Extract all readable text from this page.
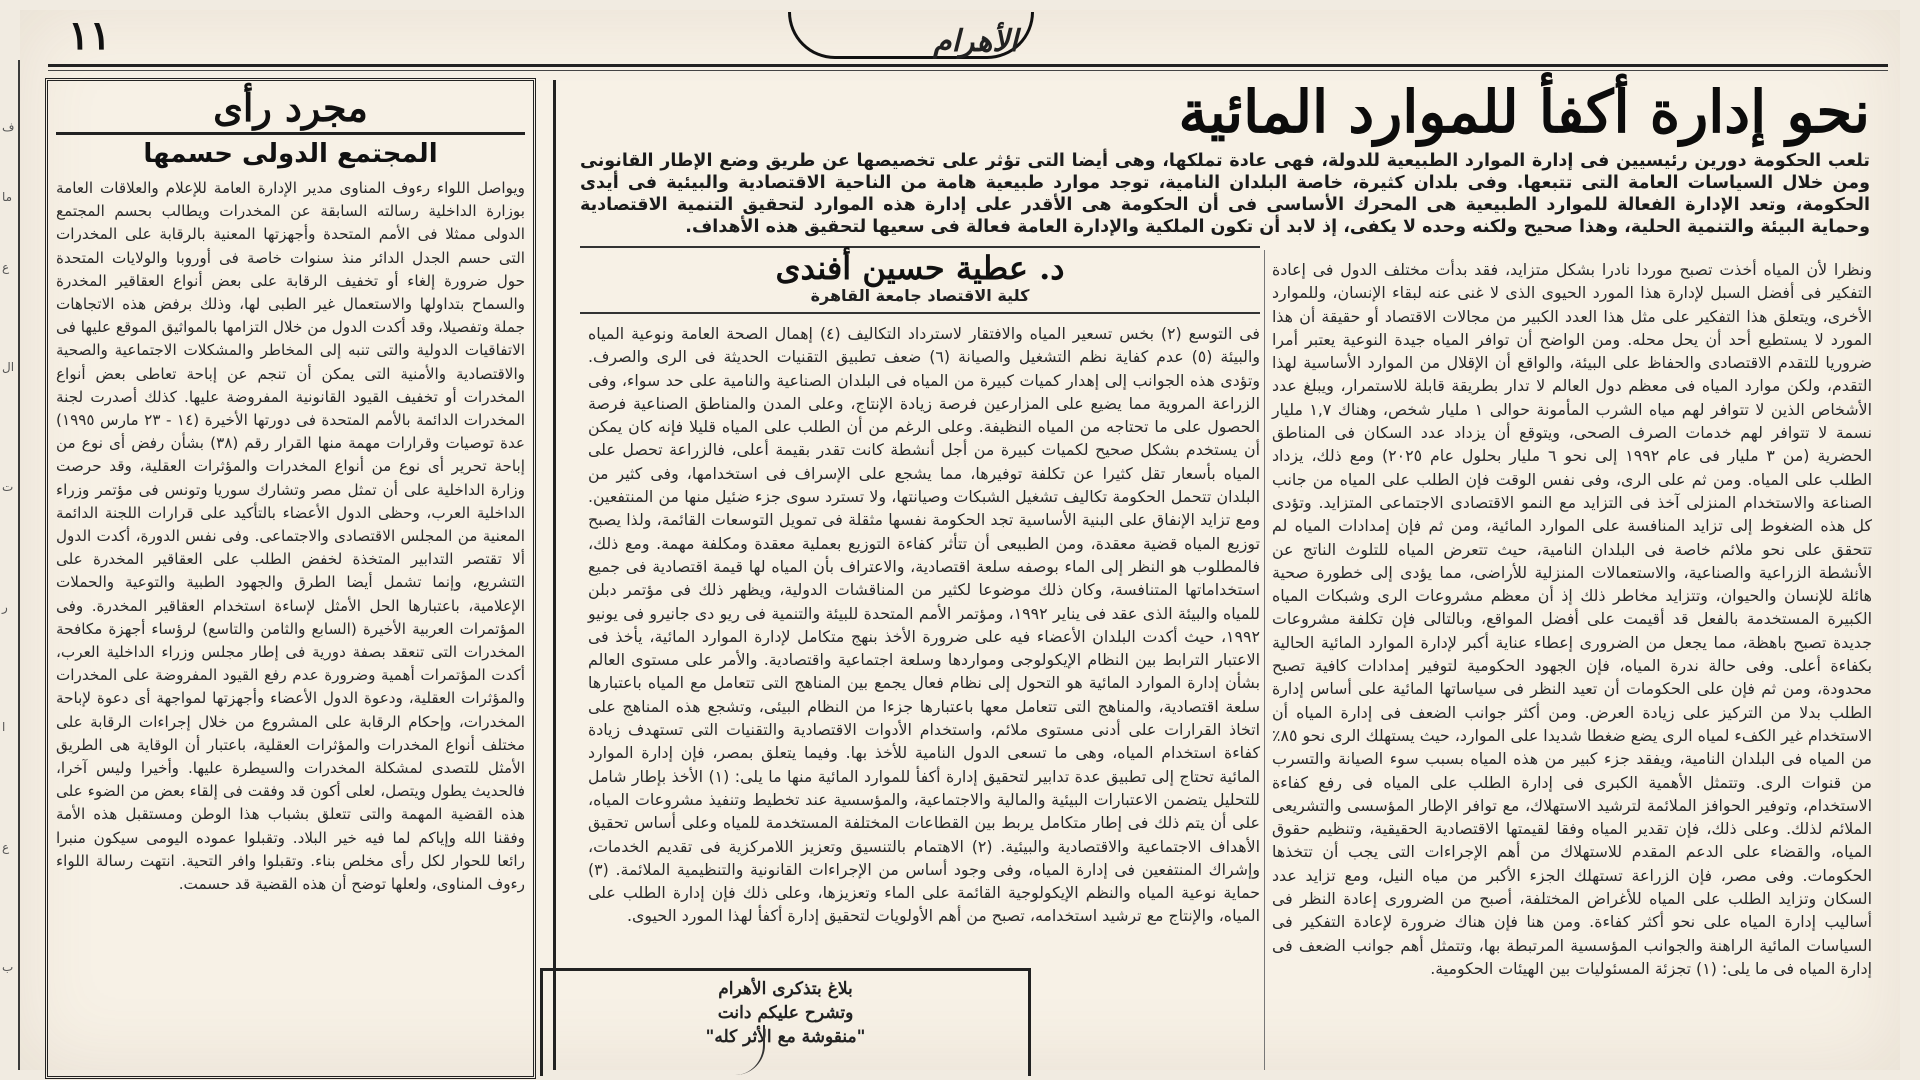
ف
ما
ع
ال
ت
ر
ا
ع
ب
١١	الأهرام
مجرد رأى
المجتمع الدولى حسمها
ويواصل اللواء رءوف المناوى مدير الإدارة العامة للإعلام والعلاقات العامة بوزارة الداخلية رسالته السابقة عن المخدرات ويطالب بحسم المجتمع الدولى ممثلا فى الأمم المتحدة وأجهزتها المعنية بالرقابة على المخدرات التى حسم الجدل الدائر منذ سنوات خاصة فى أوروبا والولايات المتحدة حول ضرورة إلغاء أو تخفيف الرقابة على بعض أنواع العقاقير المخدرة والسماح بتداولها والاستعمال غير الطبى لها، وذلك برفض هذه الاتجاهات جملة وتفصيلا، وقد أكدت الدول من خلال التزامها بالمواثيق الموقع عليها فى الاتفاقيات الدولية والتى تنبه إلى المخاطر والمشكلات الاجتماعية والصحية والاقتصادية والأمنية التى يمكن أن تنجم عن إباحة تعاطى بعض أنواع المخدرات أو تخفيف القيود القانونية المفروضة عليها. كذلك أصدرت لجنة المخدرات الدائمة بالأمم المتحدة فى دورتها الأخيرة (١٤ - ٢٣ مارس ١٩٩٥) عدة توصيات وقرارات مهمة منها القرار رقم (٣٨) بشأن رفض أى نوع من إباحة تحرير أى نوع من أنواع المخدرات والمؤثرات العقلية، وقد حرصت وزارة الداخلية على أن تمثل مصر وتشارك سوريا وتونس فى مؤتمر وزراء الداخلية العرب، وحظى الدول الأعضاء بالتأكيد على قرارات اللجنة الدائمة المعنية من المجلس الاقتصادى والاجتماعى. وفى نفس الدورة، أكدت الدول ألا تقتصر التدابير المتخذة لخفض الطلب على العقاقير المخدرة على التشريع، وإنما تشمل أيضا الطرق والجهود الطبية والتوعية والحملات الإعلامية، باعتبارها الحل الأمثل لإساءة استخدام العقاقير المخدرة. وفى المؤتمرات العربية الأخيرة (السابع والثامن والتاسع) لرؤساء أجهزة مكافحة المخدرات التى تنعقد بصفة دورية فى إطار مجلس وزراء الداخلية العرب، أكدت المؤتمرات أهمية وضرورة عدم رفع القيود المفروضة على المخدرات والمؤثرات العقلية، ودعوة الدول الأعضاء وأجهزتها لمواجهة أى دعوة لإباحة المخدرات، وإحكام الرقابة على المشروع من خلال إجراءات الرقابة على مختلف أنواع المخدرات والمؤثرات العقلية، باعتبار أن الوقاية هى الطريق الأمثل للتصدى لمشكلة المخدرات والسيطرة عليها. وأخيرا وليس آخرا، فالحديث يطول ويتصل، لعلى أكون قد وفقت فى إلقاء بعض من الضوء على هذه القضية المهمة والتى تتعلق بشباب هذا الوطن ومستقبل هذه الأمة وفقنا الله وإياكم لما فيه خير البلاد. وتقبلوا عموده اليومى سيكون منبرا رائعا للحوار لكل رأى مخلص بناء. وتقبلوا وافر التحية. انتهت رسالة اللواء رءوف المناوى، ولعلها توضح أن هذه القضية قد حسمت.
نحو إدارة أكفأ للموارد المائية
تلعب الحكومة دورين رئيسيين فى إدارة الموارد الطبيعية للدولة، فهى عادة تملكها، وهى أيضا التى تؤثر على تخصيصها عن طريق وضع الإطار القانونى ومن خلال السياسات العامة التى تتبعها. وفى بلدان كثيرة، خاصة البلدان النامية، توجد موارد طبيعية هامة من الناحية الاقتصادية والبيئية فى أيدى الحكومة، وتعد الإدارة الفعالة للموارد الطبيعية هى المحرك الأساسى فى أن الحكومة هى الأقدر على إدارة هذه الموارد لتحقيق التنمية الاقتصادية وحماية البيئة والتنمية الحلية، وهذا صحيح ولكنه وحده لا يكفى، إذ لابد أن تكون الملكية والإدارة العامة فعالة فى سعيها لتحقيق هذه الأهداف.
د. عطية حسين أفندى
كلية الاقتصاد جامعة القاهرة
ونظرا لأن المياه أخذت تصبح موردا نادرا بشكل متزايد، فقد بدأت مختلف الدول فى إعادة التفكير فى أفضل السبل لإدارة هذا المورد الحيوى الذى لا غنى عنه لبقاء الإنسان، وللموارد الأخرى، ويتعلق هذا التفكير على مثل هذا العدد الكبير من مجالات الاقتصاد أو حقيقة أن هذا المورد لا يستطيع أحد أن يحل محله. ومن الواضح أن توافر المياه جيدة النوعية يعتبر أمرا ضروريا للتقدم الاقتصادى والحفاظ على البيئة، والواقع أن الإقلال من الموارد الأساسية لهذا التقدم، ولكن موارد المياه فى معظم دول العالم لا تدار بطريقة قابلة للاستمرار، ويبلغ عدد الأشخاص الذين لا تتوافر لهم مياه الشرب المأمونة حوالى ١ مليار شخص، وهناك ١,٧ مليار نسمة لا تتوافر لهم خدمات الصرف الصحى، ويتوقع أن يزداد عدد السكان فى المناطق الحضرية (من ٣ مليار فى عام ١٩٩٢ إلى نحو ٦ مليار بحلول عام ٢٠٢٥) ومع ذلك، يزداد الطلب على المياه. ومن ثم على الرى، وفى نفس الوقت فإن الطلب على المياه من جانب الصناعة والاستخدام المنزلى آخذ فى التزايد مع النمو الاقتصادى الاجتماعى المتزايد. وتؤدى كل هذه الضغوط إلى تزايد المنافسة على الموارد المائية، ومن ثم فإن إمدادات المياه لم تتحقق على نحو ملائم خاصة فى البلدان النامية، حيث تتعرض المياه للتلوث الناتج عن الأنشطة الزراعية والصناعية، والاستعمالات المنزلية للأراضى، مما يؤدى إلى خطورة صحية هائلة للإنسان والحيوان، وتتزايد مخاطر ذلك إذ أن معظم مشروعات الرى وشبكات المياه الكبيرة المستخدمة بالفعل قد أقيمت على أفضل المواقع، وبالتالى فإن تكلفة مشروعات جديدة تصبح باهظة، مما يجعل من الضرورى إعطاء عناية أكبر لإدارة الموارد المائية الحالية بكفاءة أعلى. وفى حالة ندرة المياه، فإن الجهود الحكومية لتوفير إمدادات كافية تصبح محدودة، ومن ثم فإن على الحكومات أن تعيد النظر فى سياساتها المائية على أساس إدارة الطلب بدلا من التركيز على زيادة العرض. ومن أكثر جوانب الضعف فى إدارة المياه أن الاستخدام غير الكفء لمياه الرى يضع ضغطا شديدا على الموارد، حيث يستهلك الرى نحو ٨٥٪ من المياه فى البلدان النامية، ويفقد جزء كبير من هذه المياه بسبب سوء الصيانة والتسرب من قنوات الرى. وتتمثل الأهمية الكبرى فى إدارة الطلب على المياه فى رفع كفاءة الاستخدام، وتوفير الحوافز الملائمة لترشيد الاستهلاك، مع توافر الإطار المؤسسى والتشريعى الملائم لذلك. وعلى ذلك، فإن تقدير المياه وفقا لقيمتها الاقتصادية الحقيقية، وتنظيم حقوق المياه، والقضاء على الدعم المقدم للاستهلاك من أهم الإجراءات التى يجب أن تتخذها الحكومات. وفى مصر، فإن الزراعة تستهلك الجزء الأكبر من مياه النيل، ومع تزايد عدد السكان وتزايد الطلب على المياه للأغراض المختلفة، أصبح من الضرورى إعادة النظر فى أساليب إدارة المياه على نحو أكثر كفاءة. ومن هنا فإن هناك ضرورة لإعادة التفكير فى السياسات المائية الراهنة والجوانب المؤسسية المرتبطة بها، وتتمثل أهم جوانب الضعف فى إدارة المياه فى ما يلى: (١) تجزئة المسئوليات بين الهيئات الحكومية.
فى التوسع (٢) بخس تسعير المياه والافتقار لاسترداد التكاليف (٤) إهمال الصحة العامة ونوعية المياه والبيئة (٥) عدم كفاية نظم التشغيل والصيانة (٦) ضعف تطبيق التقنيات الحديثة فى الرى والصرف. وتؤدى هذه الجوانب إلى إهدار كميات كبيرة من المياه فى البلدان الصناعية والنامية على حد سواء، وفى الزراعة المروية مما يضيع على المزارعين فرصة زيادة الإنتاج، وعلى المدن والمناطق الصناعية فرصة الحصول على ما تحتاجه من المياه النظيفة. وعلى الرغم من أن الطلب على المياه قليلا فإنه كان يمكن أن يستخدم بشكل صحيح لكميات كبيرة من أجل أنشطة كانت تقدر بقيمة أعلى، فالزراعة تحصل على المياه بأسعار تقل كثيرا عن تكلفة توفيرها، مما يشجع على الإسراف فى استخدامها، وفى كثير من البلدان تتحمل الحكومة تكاليف تشغيل الشبكات وصيانتها، ولا تسترد سوى جزء ضئيل منها من المنتفعين. ومع تزايد الإنفاق على البنية الأساسية تجد الحكومة نفسها مثقلة فى تمويل التوسعات القائمة، ولذا يصبح توزيع المياه قضية معقدة، ومن الطبيعى أن تتأثر كفاءة التوزيع بعملية معقدة ومكلفة مهمة. ومع ذلك، فالمطلوب هو النظر إلى الماء بوصفه سلعة اقتصادية، والاعتراف بأن المياه لها قيمة اقتصادية فى جميع استخداماتها المتنافسة، وكان ذلك موضوعا لكثير من المناقشات الدولية، ويظهر ذلك فى مؤتمر دبلن للمياه والبيئة الذى عقد فى يناير ١٩٩٢، ومؤتمر الأمم المتحدة للبيئة والتنمية فى ريو دى جانيرو فى يونيو ١٩٩٢، حيث أكدت البلدان الأعضاء فيه على ضرورة الأخذ بنهج متكامل لإدارة الموارد المائية، يأخذ فى الاعتبار الترابط بين النظام الإيكولوجى ومواردها وسلعة اجتماعية واقتصادية. والأمر على مستوى العالم بشأن إدارة الموارد المائية هو التحول إلى نظام فعال يجمع بين المناهج التى تتعامل مع المياه باعتبارها سلعة اقتصادية، والمناهج التى تتعامل معها باعتبارها جزءا من النظام البيئى، وتشجع هذه المناهج على اتخاذ القرارات على أدنى مستوى ملائم، واستخدام الأدوات الاقتصادية والتقنيات التى تستهدف زيادة كفاءة استخدام المياه، وهى ما تسعى الدول النامية للأخذ بها. وفيما يتعلق بمصر، فإن إدارة الموارد المائية تحتاج إلى تطبيق عدة تدابير لتحقيق إدارة أكفأ للموارد المائية منها ما يلى: (١) الأخذ بإطار شامل للتحليل يتضمن الاعتبارات البيئية والمالية والاجتماعية، والمؤسسية عند تخطيط وتنفيذ مشروعات المياه، على أن يتم ذلك فى إطار متكامل يربط بين القطاعات المختلفة المستخدمة للمياه وعلى أساس تحقيق الأهداف الاجتماعية والاقتصادية والبيئية. (٢) الاهتمام بالتنسيق وتعزيز اللامركزية فى تقديم الخدمات، وإشراك المنتفعين فى إدارة المياه، وفى وجود أساس من الإجراءات القانونية والتنظيمية الملائمة. (٣) حماية نوعية المياه والنظم الإيكولوجية القائمة على الماء وتعزيزها، وعلى ذلك فإن إدارة الطلب على المياه، والإنتاج مع ترشيد استخدامه، تصبح من أهم الأولويات لتحقيق إدارة أكفأ لهذا المورد الحيوى.
بلاغ بتذكرى الأهرام
وتشرح عليكم دانت
"منقوشة مع الأثر كله"
